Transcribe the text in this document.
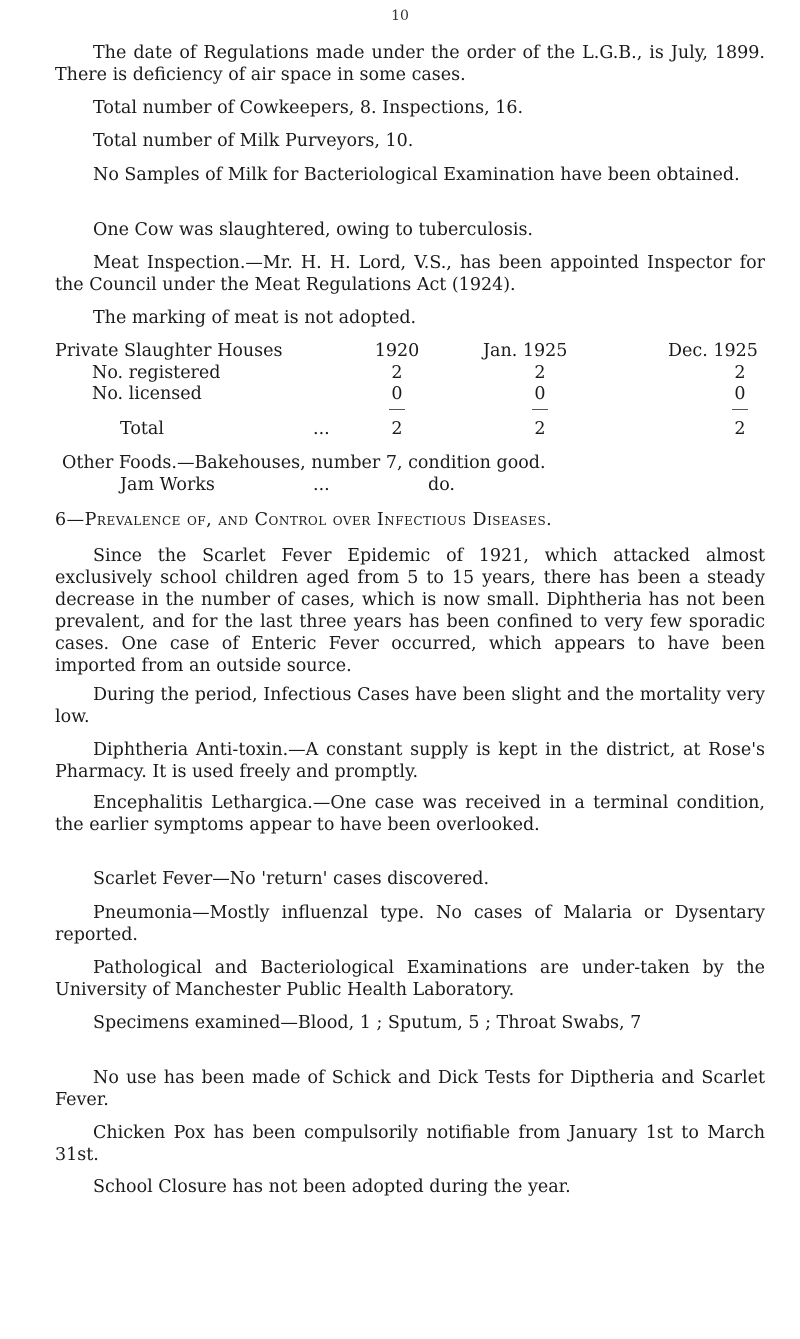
10

The date of Regulations made under the order of the L.G.B., is July, 1899. There is deficiency of air space in some cases.

Total number of Cowkeepers, 8. Inspections, 16.

Total number of Milk Purveyors, 10.

No Samples of Milk for Bacteriological Examination have been obtained.

One Cow was slaughtered, owing to tuberculosis.

Meat Inspection.—Mr. H. H. Lord, V.S., has been appointed Inspector for the Council under the Meat Regulations Act (1924).

The marking of meat is not adopted.

Private Slaughter Houses	1920	Jan. 1925	Dec. 1925
No. registered	2	2	2
No. licensed	0	0	0
Total	...	2	2	2
Other Foods.—Bakehouses, number 7, condition good.
Jam Works	...	do.

6—Prevalence of, and Control over Infectious Diseases.

Since the Scarlet Fever Epidemic of 1921, which attacked almost exclusively school children aged from 5 to 15 years, there has been a steady decrease in the number of cases, which is now small. Diphtheria has not been prevalent, and for the last three years has been confined to very few sporadic cases. One case of Enteric Fever occurred, which appears to have been imported from an outside source.

During the period, Infectious Cases have been slight and the mortality very low.

Diphtheria Anti-toxin.—A constant supply is kept in the district, at Rose's Pharmacy. It is used freely and promptly.

Encephalitis Lethargica.—One case was received in a terminal condition, the earlier symptoms appear to have been overlooked.

Scarlet Fever—No 'return' cases discovered.

Pneumonia—Mostly influenzal type. No cases of Malaria or Dysentary reported.

Pathological and Bacteriological Examinations are under-taken by the University of Manchester Public Health Laboratory.

Specimens examined—Blood, 1 ; Sputum, 5 ; Throat Swabs, 7

No use has been made of Schick and Dick Tests for Diptheria and Scarlet Fever.

Chicken Pox has been compulsorily notifiable from January 1st to March 31st.

School Closure has not been adopted during the year.
